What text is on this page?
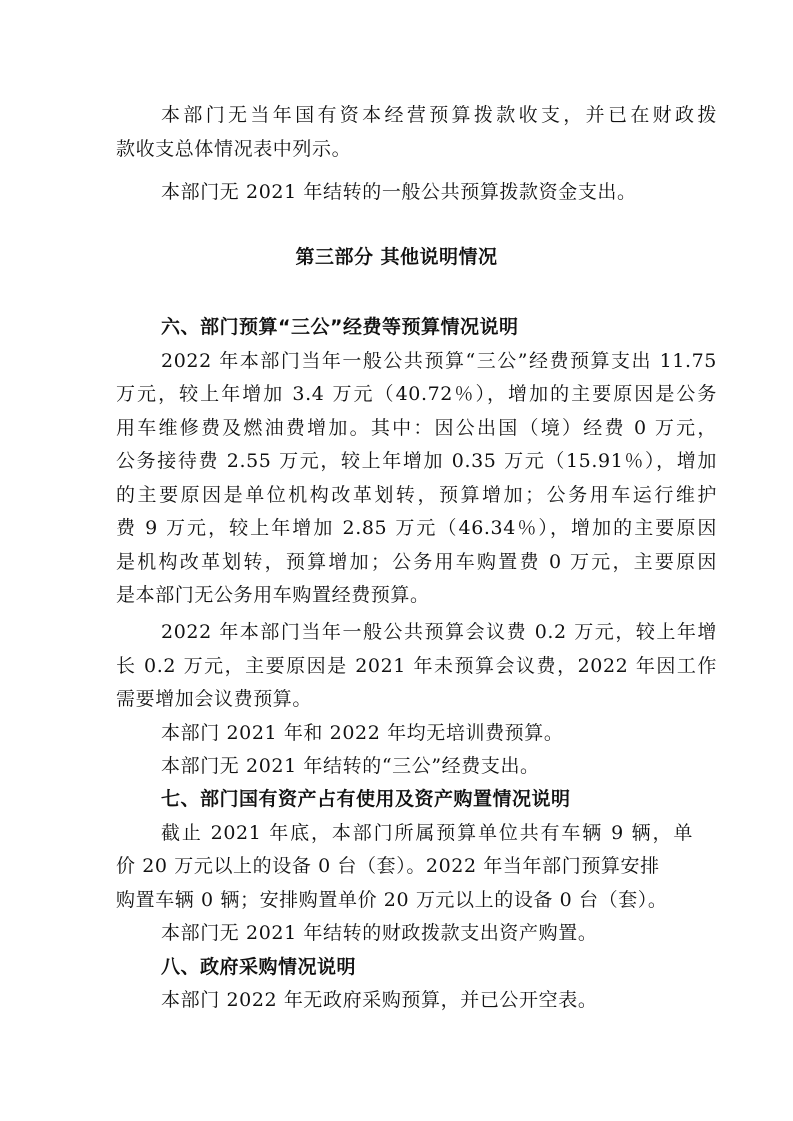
本部门无当年国有资本经营预算拨款收支，并已在财政拨
款收支总体情况表中列示。
本部门无 2021 年结转的一般公共预算拨款资金支出。
第三部分 其他说明情况
六、部门预算“三公”经费等预算情况说明
2022 年本部门当年一般公共预算“三公”经费预算支出 11.75
万元，较上年增加 3.4 万元（40.72％），增加的主要原因是公务
用车维修费及燃油费增加。其中：因公出国（境）经费 0 万元，
公务接待费 2.55 万元，较上年增加 0.35 万元（15.91％），增加
的主要原因是单位机构改革划转，预算增加；公务用车运行维护
费 9 万元，较上年增加 2.85 万元（46.34％），增加的主要原因
是机构改革划转，预算增加；公务用车购置费 0 万元，主要原因
是本部门无公务用车购置经费预算。
2022 年本部门当年一般公共预算会议费 0.2 万元，较上年增
长 0.2 万元，主要原因是 2021 年未预算会议费，2022 年因工作
需要增加会议费预算。
本部门 2021 年和 2022 年均无培训费预算。
本部门无 2021 年结转的“三公”经费支出。
七、部门国有资产占有使用及资产购置情况说明
截止 2021 年底，本部门所属预算单位共有车辆 9 辆，单
价 20 万元以上的设备 0 台（套）。2022 年当年部门预算安排
购置车辆 0 辆；安排购置单价 20 万元以上的设备 0 台（套）。
本部门无 2021 年结转的财政拨款支出资产购置。
八、政府采购情况说明
本部门 2022 年无政府采购预算，并已公开空表。
